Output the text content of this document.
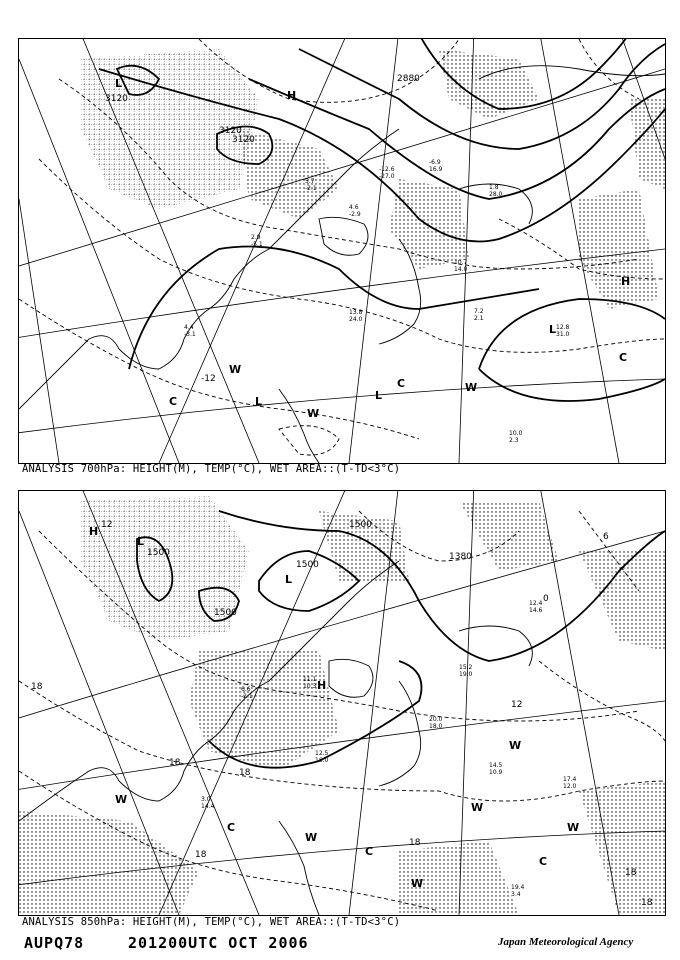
5.7
-2.1
4.6
-2.9
2.9
-5.1
4.4
-3.1
13.8
24.0
10.7
14.0
12.8
31.0
10.0
2.3
7.2
2.1
-6.9
16.9
-12.6
-27.0
1.8
28.0
3120
3120
3120
2880
-12
L
H
C
W
L
C	W
W
L
C
H
L
ANALYSIS 700hPa: HEIGHT(M), TEMP(°C), WET AREA::(T-TD<3°C)
6.6
-2.1
11.1
10.3
12.5
16.0
15.2
19.0
14.5
10.9
17.4
12.0
19.4
3.4
3.0
14.4
20.0
18.0
12.4
14.6
1500
1500
1500
1500
1380
12
18
18
18
18
18
18
18
12
6
0
H
L
L
H
W
C
W
W
W
C
W
C
W
ANALYSIS 850hPa: HEIGHT(M), TEMP(°C), WET AREA::(T-TD<3°C)
AUPQ78	201200UTC OCT 2006	Japan Meteorological Agency
